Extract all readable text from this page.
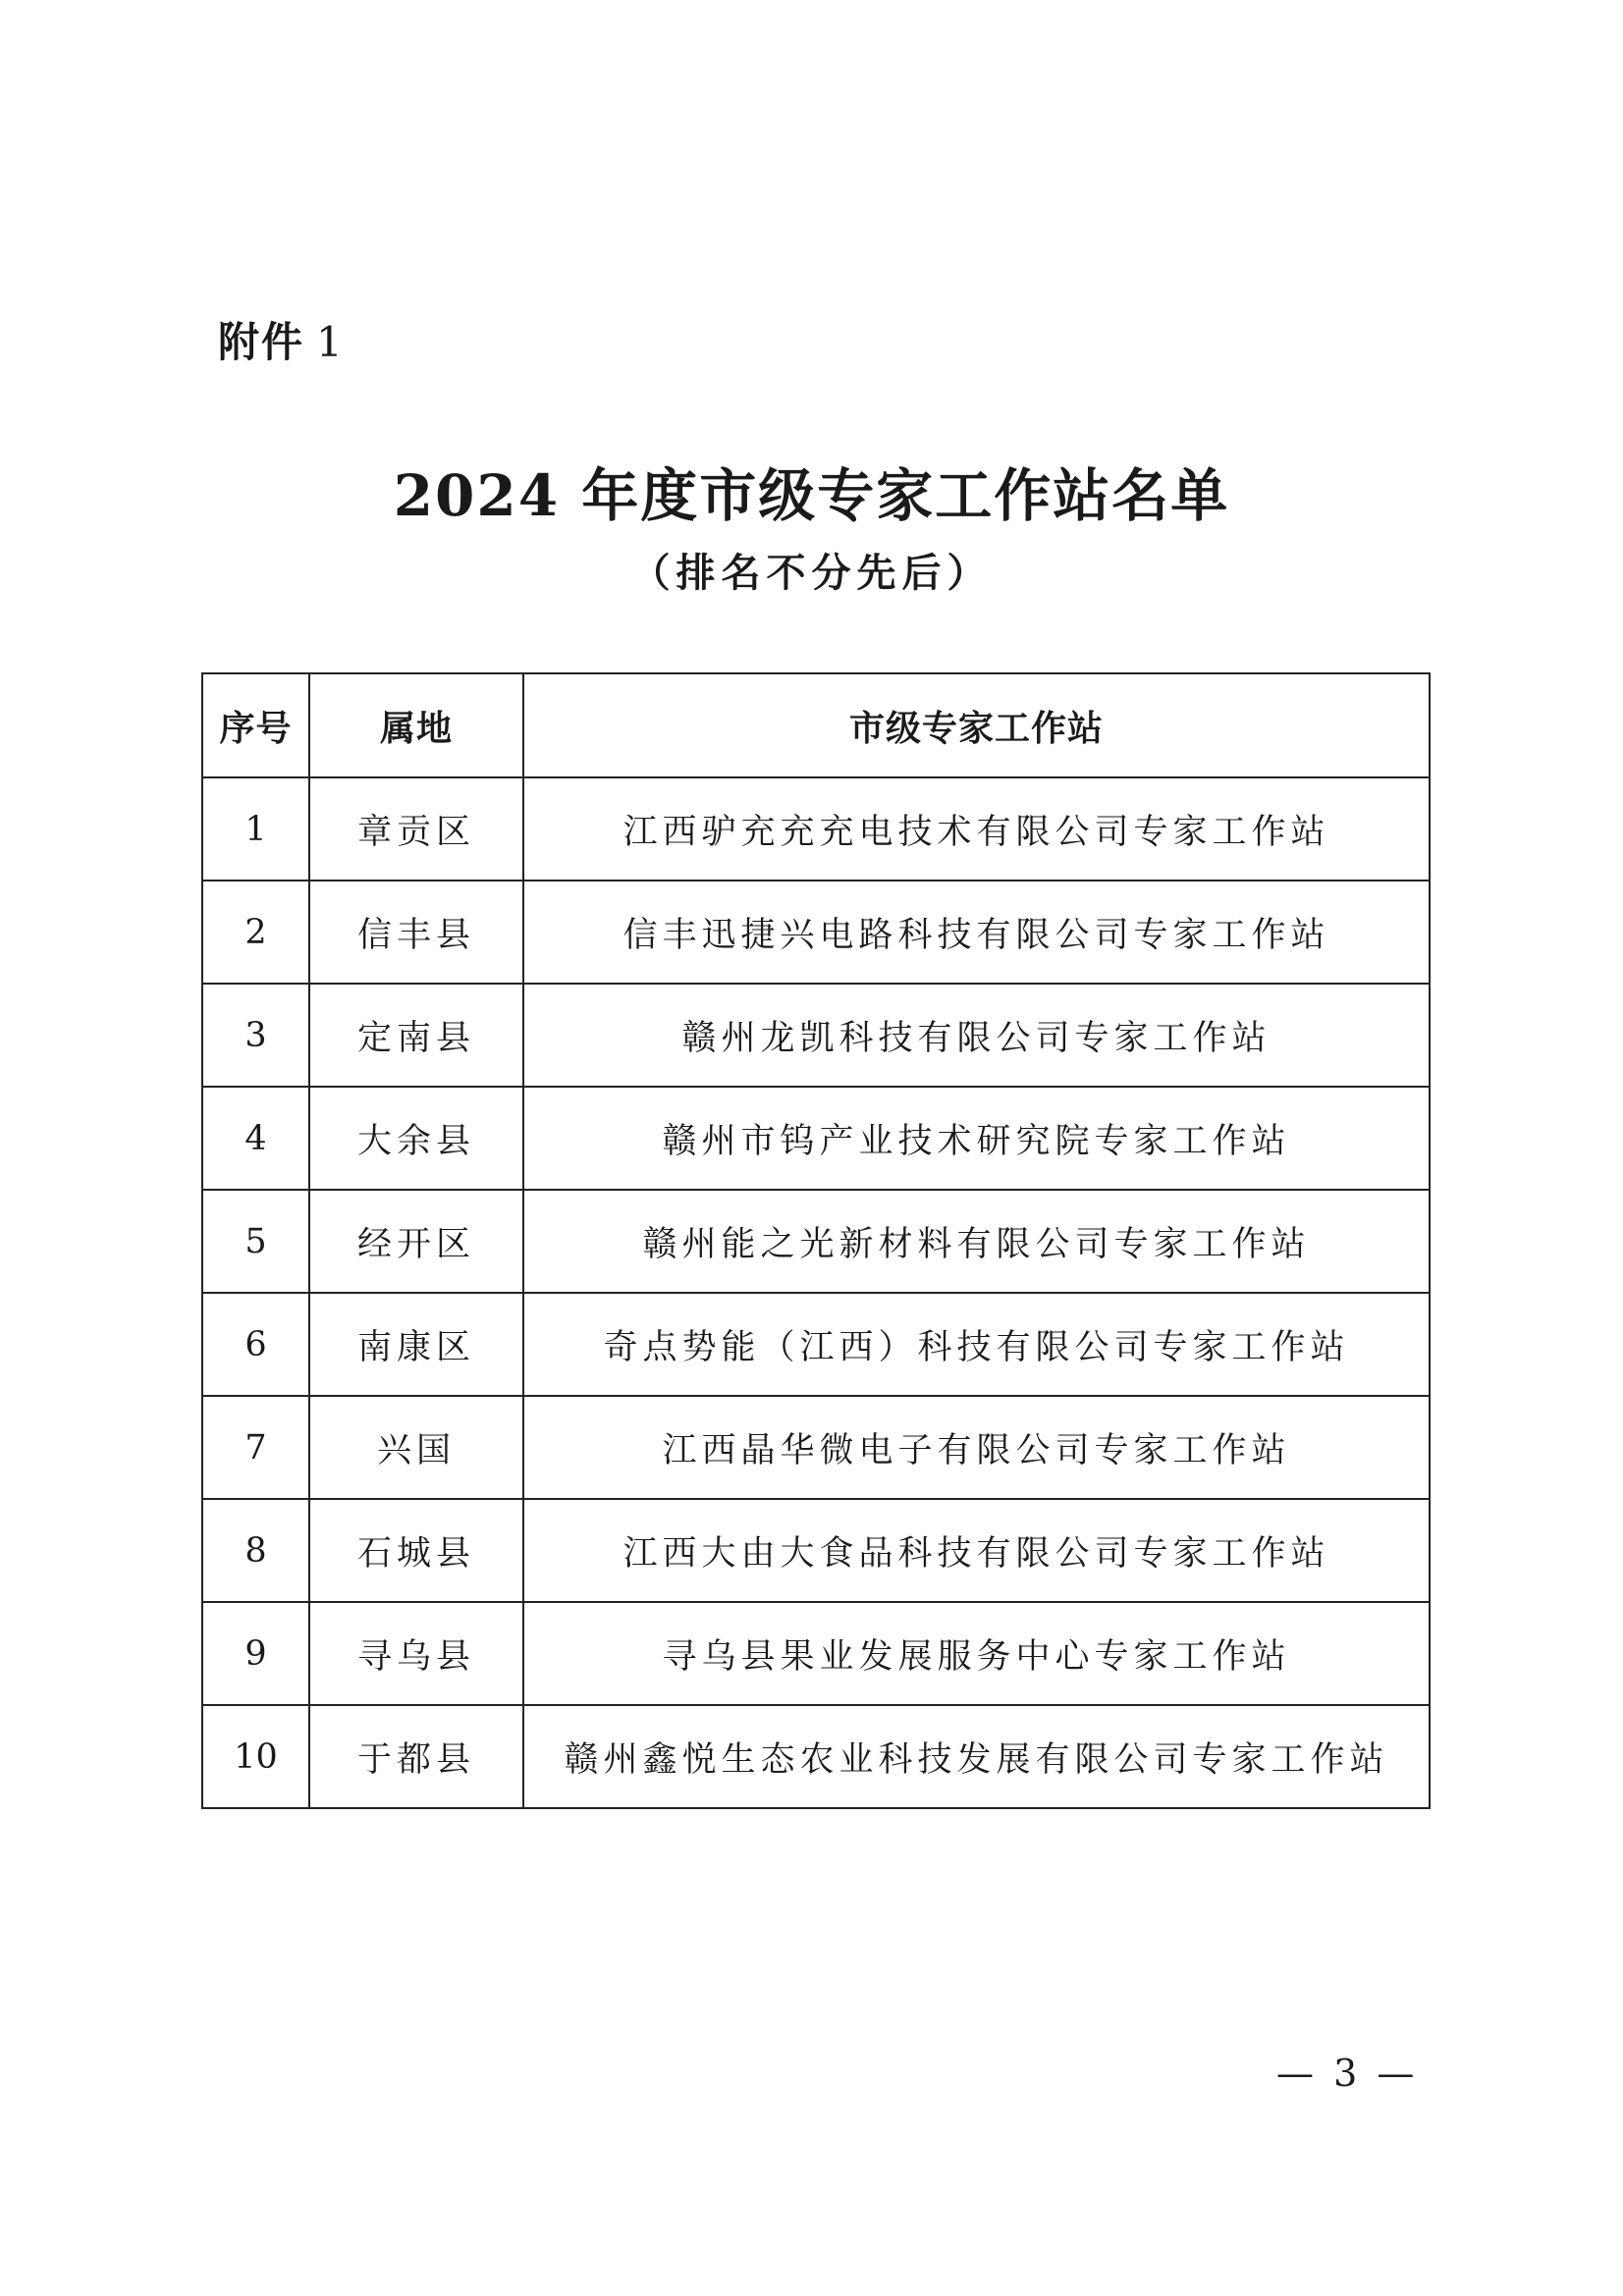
附件 1
2024 年度市级专家工作站名单
（排名不分先后）
序号	属地	市级专家工作站
1	章贡区	江西驴充充充电技术有限公司专家工作站
2	信丰县	信丰迅捷兴电路科技有限公司专家工作站
3	定南县	赣州龙凯科技有限公司专家工作站
4	大余县	赣州市钨产业技术研究院专家工作站
5	经开区	赣州能之光新材料有限公司专家工作站
6	南康区	奇点势能（江西）科技有限公司专家工作站
7	兴国	江西晶华微电子有限公司专家工作站
8	石城县	江西大由大食品科技有限公司专家工作站
9	寻乌县	寻乌县果业发展服务中心专家工作站
10	于都县	赣州鑫悦生态农业科技发展有限公司专家工作站
— 3 —
